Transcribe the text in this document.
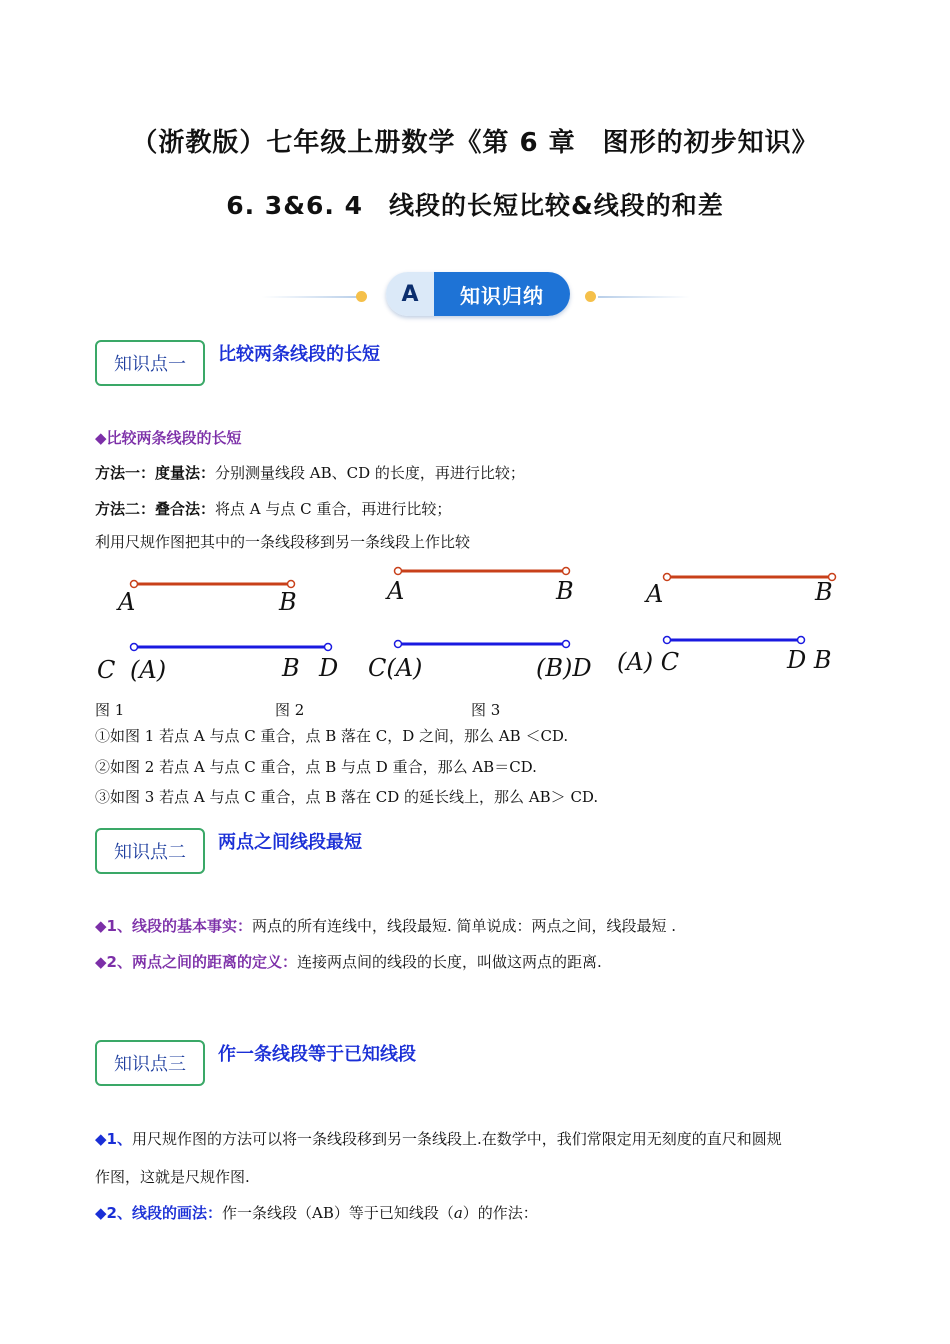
（浙教版）七年级上册数学《第 6 章　图形的初步知识》
6. 3&6. 4　线段的长短比较&线段的和差
A	知识归纳
知识点一	比较两条线段的长短
◆比较两条线段的长短
方法一：度量法：分别测量线段 AB、CD 的长度，再进行比较；
方法二：叠合法：将点 A 与点 C 重合，再进行比较；
利用尺规作图把其中的一条线段移到另一条线段上作比较
A	B
C (A)	B D
A	B
C(A)	(B)D
A	B
(A) C	D B
图 1	图 2	图 3
①如图 1 若点 A 与点 C 重合，点 B 落在 C，D 之间，那么 AB ＜CD.
②如图 2 若点 A 与点 C 重合，点 B 与点 D 重合，那么 AB＝CD.
③如图 3 若点 A 与点 C 重合，点 B 落在 CD 的延长线上，那么 AB＞ CD.
知识点二	两点之间线段最短
◆1、线段的基本事实：两点的所有连线中，线段最短. 简单说成：两点之间，线段最短 .
◆2、两点之间的距离的定义：连接两点间的线段的长度，叫做这两点的距离.
知识点三	作一条线段等于已知线段
◆1、用尺规作图的方法可以将一条线段移到另一条线段上.在数学中，我们常限定用无刻度的直尺和圆规
作图，这就是尺规作图.
◆2、线段的画法：作一条线段（AB）等于已知线段（a）的作法：
